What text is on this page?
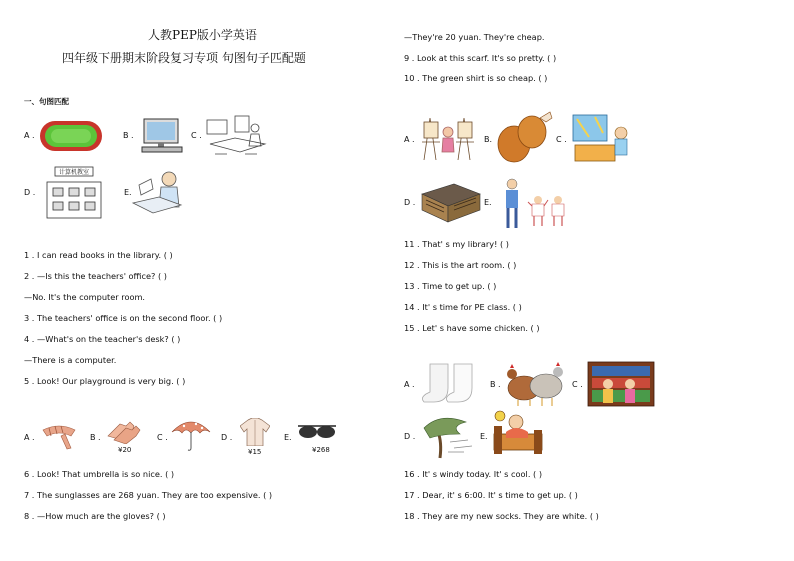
人教PEP版小学英语
四年级下册期末阶段复习专项 句图句子匹配题
一、句图匹配
A .	B .	C .
D .
计算机教室
E.
1 . I can read books in the library. ( )
2 . —Is this the teachers' office? ( )
—No. It's the computer room.
3 . The teachers' office is on the second floor. ( )
4 . —What's on the teacher's desk? ( )
—There is a computer.
5 . Look! Our playground is very big. ( )
A .	B .
¥20
C .	D .
¥15
E.
¥268
6 . Look! That umbrella is so nice. ( )
7 . The sunglasses are 268 yuan. They are too expensive. ( )
8 . —How much are the gloves? ( )
—They're 20 yuan. They're cheap.
9 . Look at this scarf. It's so pretty. ( )
10 . The green shirt is so cheap. ( )
A .	B.	C .
D .	E.
11 . That' s my library! ( )
12 . This is the art room. ( )
13 . Time to get up. ( )
14 . It' s time for PE class. ( )
15 . Let' s have some chicken. ( )
A .	B .	C .
D .	E.
16 . It' s windy today. It' s cool. ( )
17 . Dear, it' s 6:00. It' s time to get up. ( )
18 . They are my new socks. They are white. ( )
